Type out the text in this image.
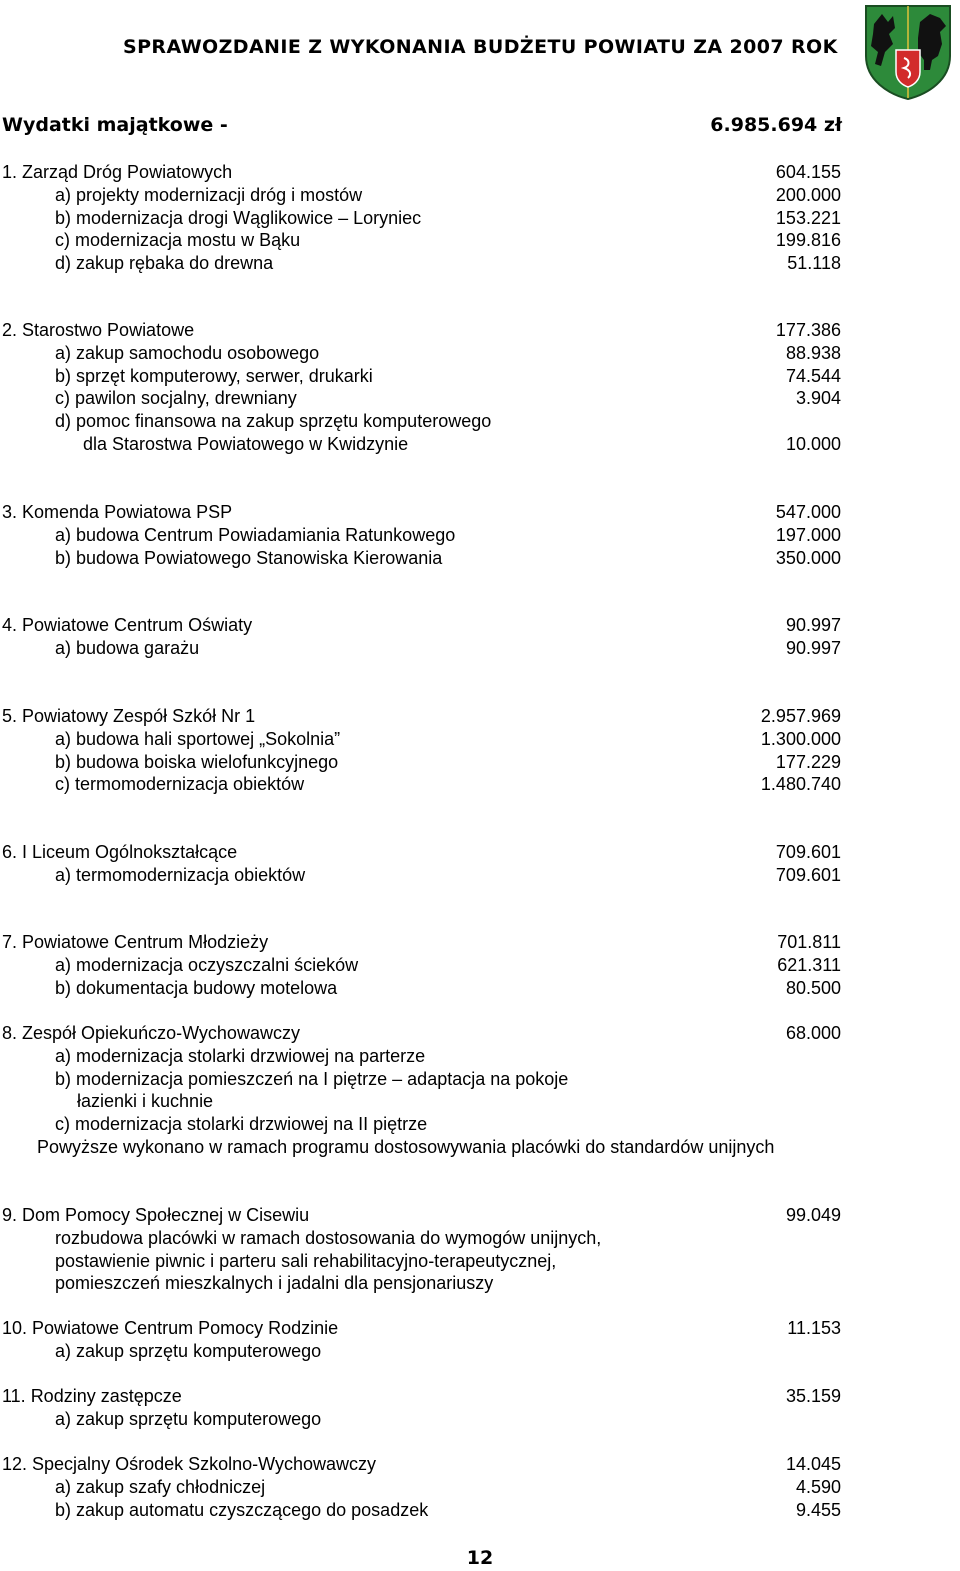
SPRAWOZDANIE Z WYKONANIA BUDŻETU POWIATU ZA 2007 ROK
Wydatki majątkowe -	6.985.694 zł
1. Zarząd Dróg Powiatowych	604.155
a) projekty modernizacji dróg i mostów	200.000
b) modernizacja drogi Wąglikowice – Loryniec	153.221
c) modernizacja mostu w Bąku	199.816
d) zakup rębaka do drewna	51.118
2. Starostwo Powiatowe	177.386
a) zakup samochodu osobowego	88.938
b) sprzęt komputerowy, serwer, drukarki	74.544
c) pawilon socjalny, drewniany	3.904
d) pomoc finansowa na zakup sprzętu komputerowego
dla Starostwa Powiatowego w Kwidzynie	10.000
3. Komenda Powiatowa PSP	547.000
a) budowa Centrum Powiadamiania Ratunkowego	197.000
b) budowa Powiatowego Stanowiska Kierowania	350.000
4. Powiatowe Centrum Oświaty	90.997
a) budowa garażu	90.997
5. Powiatowy Zespół Szkół Nr 1	2.957.969
a) budowa hali sportowej „Sokolnia”	1.300.000
b) budowa boiska wielofunkcyjnego	177.229
c) termomodernizacja obiektów	1.480.740
6. I Liceum Ogólnokształcące	709.601
a) termomodernizacja obiektów	709.601
7. Powiatowe Centrum Młodzieży	701.811
a) modernizacja oczyszczalni ścieków	621.311
b) dokumentacja budowy motelowa	80.500
8. Zespół Opiekuńczo-Wychowawczy	68.000
a) modernizacja stolarki drzwiowej na parterze
b) modernizacja pomieszczeń na I piętrze – adaptacja na pokoje
łazienki i kuchnie
c) modernizacja stolarki drzwiowej na II piętrze
Powyższe wykonano w ramach programu dostosowywania placówki do standardów unijnych
9. Dom Pomocy Społecznej w Cisewiu	99.049
rozbudowa placówki w ramach dostosowania do wymogów unijnych,
postawienie piwnic i parteru sali rehabilitacyjno-terapeutycznej,
pomieszczeń mieszkalnych i jadalni dla pensjonariuszy
10. Powiatowe Centrum Pomocy Rodzinie	11.153
a) zakup sprzętu komputerowego
11. Rodziny zastępcze	35.159
a) zakup sprzętu komputerowego
12. Specjalny Ośrodek Szkolno-Wychowawczy	14.045
a) zakup szafy chłodniczej	4.590
b) zakup automatu czyszczącego do posadzek	9.455
12
